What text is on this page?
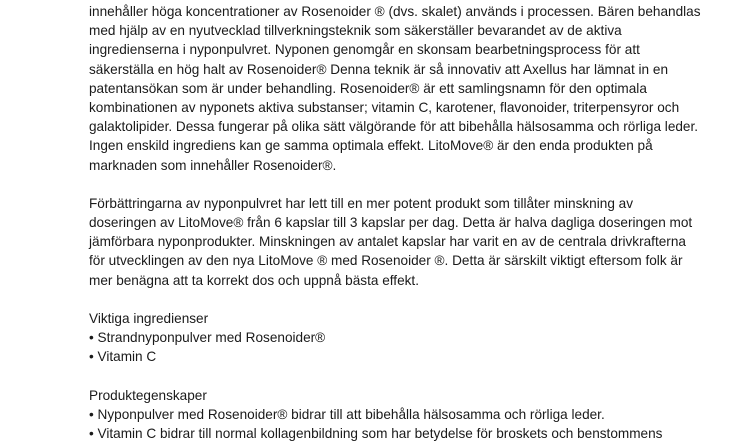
innehåller höga koncentrationer av Rosenoider ® (dvs. skalet) används i processen. Bären behandlas
med hjälp av en nyutvecklad tillverkningsteknik som säkerställer bevarandet av de aktiva
ingredienserna i nyponpulvret. Nyponen genomgår en skonsam bearbetningsprocess för att
säkerställa en hög halt av Rosenoider® Denna teknik är så innovativ att Axellus har lämnat in en
patentansökan som är under behandling. Rosenoider® är ett samlingsnamn för den optimala
kombinationen av nyponets aktiva substanser; vitamin C, karotener, flavonoider, triterpensyror och
galaktolipider. Dessa fungerar på olika sätt välgörande för att bibehålla hälsosamma och rörliga leder.
Ingen enskild ingrediens kan ge samma optimala effekt. LitoMove® är den enda produkten på
marknaden som innehåller Rosenoider®.
Förbättringarna av nyponpulvret har lett till en mer potent produkt som tillåter minskning av
doseringen av LitoMove® från 6 kapslar till 3 kapslar per dag. Detta är halva dagliga doseringen mot
jämförbara nyponprodukter. Minskningen av antalet kapslar har varit en av de centrala drivkrafterna
för utvecklingen av den nya LitoMove ® med Rosenoider ®. Detta är särskilt viktigt eftersom folk är
mer benägna att ta korrekt dos och uppnå bästa effekt.
Viktiga ingredienser
• Strandnyponpulver med Rosenoider®
• Vitamin C
Produktegenskaper
• Nyponpulver med Rosenoider® bidrar till att bibehålla hälsosamma och rörliga leder.
• Vitamin C bidrar till normal kollagenbildning som har betydelse för broskets och benstommens
